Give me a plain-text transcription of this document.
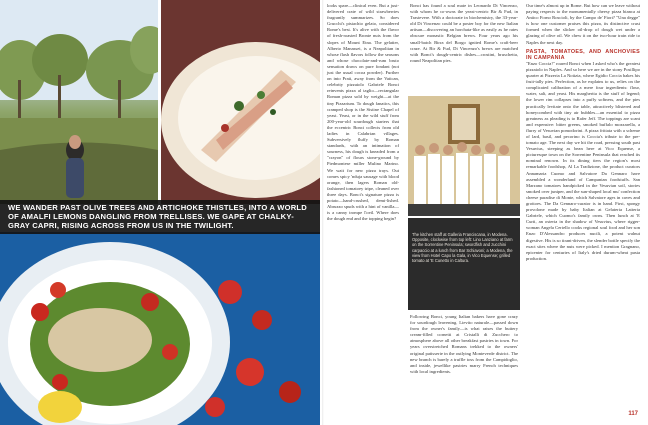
WE WANDER PAST OLIVE TREES AND ARTICHOKE THISTLES, INTO A WORLD OF AMALFI LEMONS DANGLING FROM TRELLISES. WE GAPE AT CHALKY-GRAY CAPRI, RISING ACROSS FROM US IN THE TWILIGHT.

looks spare—clinical even. But a just-delivered crate of wild strawberries fragrantly summarizes. So does Grucchi's pistachio gelato, considered Rome's best. It's alive with the flavor of fresh-roasted Bronte nuts from the slopes of Mount Etna. The gelatier, Alberto Manassei, is a Neapolitan in whose flash flavors follow the seasons and whose chocolate-and-rum bruto sensation draws on pure fondant (not just the usual cocoa powder). Further on into Prati, away from the Vatican, celebrity pizzaiolo Gabriele Bonci reinvents pizza al taglio—rectangular Roman pizza sold by weight—at the tiny Pizzarium. To dough fanatics, this cramped shop is the Sistine Chapel of yeast. Yeast, or in the wild stuff from 200-year-old sourdough starters that the eccentric Bonci collects from old ladies in Calabrian villages. Subversively fluffy by Roman standards, with an intimation of sourness, his dough is kneaded from a "crayon" of flours stone-ground by Piedmontese miller Mulino Marino. We wait for new pizza trays. Out comes spicy 'nduja sausage with blood orange, then lagers Roman old-fashioned tomatoey tripe, cleaned over three days. Bonci's signature pizza is potato—hand-crushed, demi-lished. Abruzzo spuds with a hint of vanilla—is a canny trompe l'oeil. Where does the dough end and the topping begin?

Bonci has found a soul mate in Leonardo Di Vincenzo, with whom he co-owns the yeast-centric Bir & Fud, in Trastevere. With a doctorate in biochemistry, the 33-year-old Di Vincenzo could be a poster boy for the new Italian artisan—discovering an horchata-like as easily as he rates obscure monastic Belgian brews. Four years ago his small-batch Birra del Borgo ignited Rome's craft-beer craze. At Bir & Fud, Di Vincenzo's brews are matched with Bonci's dough-centric dishes—crostini, bruschetta, round Neapolitan pies.

The kitchen staff at Galleria Franciscana, in Modena. Opposite, clockwise from top left: Lino Lanziano at farm on the Sorrentine Peninsula; swordfish and zucchini carpaccio at a lunch from Bar Schiavoni; a Modena, the view from Hotel Capo la Gala, in Vico Equense; grilled tomato at 'E Cunetto in Caltura.

Following Bonci, young Italian bakers have gone crazy for sourdough leavening. Lievito naturale—passed down from the owner's family—is what raises the buttery cream-filled cornetti at Cristalli di Zucchero to atmosphere above all other breakfast pastries in town. For years overstretched Romans trekked to the owners' original patisserie in the outlying Monteverde district. The new branch is barely a truffle toss from the Campidoglio, and inside, jewellike pastries marry French techniques with local ingredients.

Our time's almost up in Rome. But how can we leave without paying respects to the monumentally cheesy pizza bianca at Antico Forno Roscioli, by the Campo de' Fiori? "Una degge" is how one customer praises this pizza, its distinctive crust formed when the slicker oil-drop of dough wet under a glazing of olive oil. We chew it on the two-hour train ride to Naples the next day.

PASTA, TOMATOES, AND ANCHOVIES IN CAMPANIA

"Enzo Coccia!" roared Bonci when I asked who's the greatest pizzaiolo in Naples. And so here we are in the stony Posillipo quarter at Pizzeria La Notizia, where Egidio Coccia bakes his fruit-tally pies. Perfection, as he explains to us, relies on the complicated calibration of a mere four ingredients: flour, water, salt, and yeast. His margherita is the stuff of legend; the lower rim collapses into a puffy softness, and the pies practically levitate onto the table, attractively blistered and honeycombed with tiny air bubbles—an essential to pizza greatness as pleading is to Rafer Jeff. The toppings are scant and expensive: bitter greens, smoked buffalo mozzarella, a flurry of Vesuvian pomodorini. A pizza frittata with a scheme of lard, basil, and pecorino is Coccia's tribute to the pre-tomato age. The next day we hit the road, pressing south past Vesuvius, steeping as bean here at Vico Equense, a picturesque town on the Sorrentine Peninsula that reached its nominal renown. In its dining tiers the region's most remarkable foodshop, Al La Tradizione, the product curators Annamaria Cuomo and Salvatore Da Gennaro have assembled a wonderland of Campanian foodstuffs. San Marzano tomatoes handpicked in the Vesuvian soil, stories smoked over juniper, and the sun-shaped local mu' confection cheese paradise di Monte, which Salvatore ages in caves and grottoes. The Da Gennaro-curator is in hand. First, spongy provolone made by baby Italian at Gelateria Latteria Gabriele, which Cuomo's family owns. Then lunch at 'E Curti, an osteria in the shadow of Vesuvius, where rigger-woman Angela Ceriello cooks regional soul food and her son Enzo D'Alessandro produces nucili, a potent walnut digestive. His is so tirant-driven, the slender bottle specify the exact sites where the nuts were picked. I mention Gragnano, epicenter for centuries of Italy's dried durum-wheat pasta production.

117
